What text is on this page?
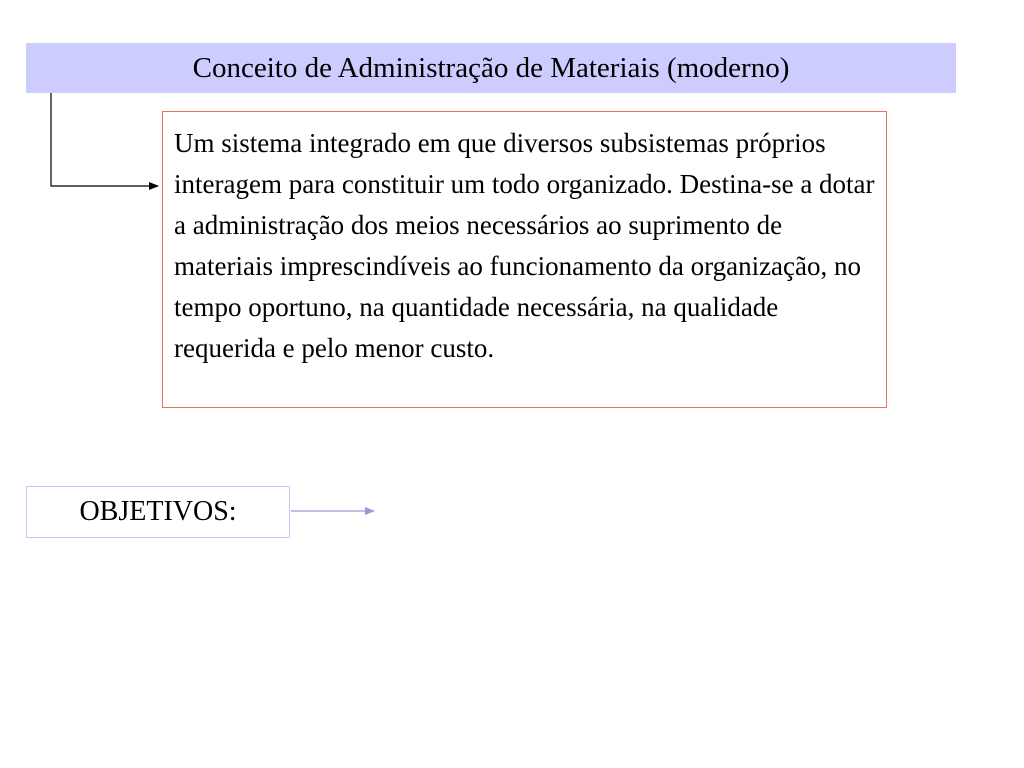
Conceito de Administração de Materiais (moderno)
Um sistema integrado em que diversos subsistemas próprios interagem para constituir um todo organizado. Destina-se a dotar a administração dos meios necessários ao suprimento de materiais imprescindíveis ao funcionamento da organização, no tempo oportuno, na quantidade necessária, na qualidade requerida e pelo menor custo.
OBJETIVOS:
